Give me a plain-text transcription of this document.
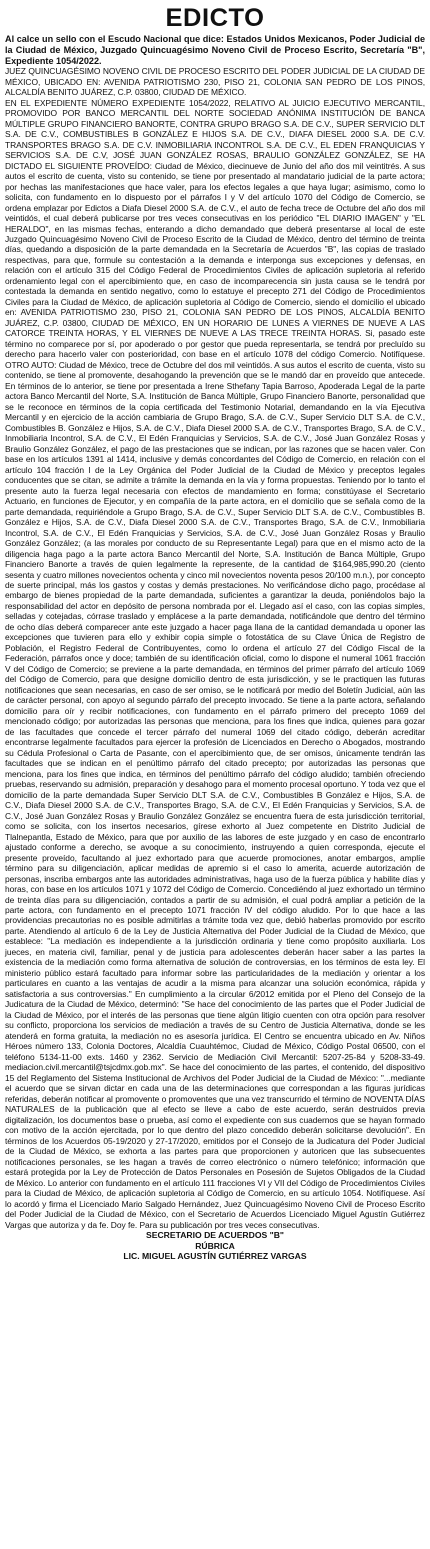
EDICTO
Al calce un sello con el Escudo Nacional que dice: Estados Unidos Mexicanos, Poder Judicial de la Ciudad de México, Juzgado Quincuagésimo Noveno Civil de Proceso Escrito, Secretaría "B", Expediente 1054/2022.

JUEZ QUINCUAGÉSIMO NOVENO CIVIL DE PROCESO ESCRITO DEL PODER JUDICIAL DE LA CIUDAD DE MÉXICO, UBICADO EN: AVENIDA PATRIOTISMO 230, PISO 21, COLONIA SAN PEDRO DE LOS PINOS, ALCALDÍA BENITO JUÁREZ, C.P. 03800, CIUDAD DE MÉXICO.

EN EL EXPEDIENTE NÚMERO EXPEDIENTE 1054/2022, RELATIVO AL JUICIO EJECUTIVO MERCANTIL, PROMOVIDO POR BANCO MERCANTIL DEL NORTE SOCIEDAD ANÓNIMA INSTITUCIÓN DE BANCA MÚLTIPLE GRUPO FINANCIERO BANORTE, CONTRA GRUPO BRAGO S.A. DE C.V., SUPER SERVICIO DLT S.A. DE C.V., COMBUSTIBLES B GONZÁLEZ E HIJOS S.A. DE C.V., DIAFA DIESEL 2000 S.A. DE C.V. TRANSPORTES BRAGO S.A. DE C.V. INMOBILIARIA INCONTROL S.A. DE C.V., EL EDEN FRANQUICIAS Y SERVICIOS S.A. DE C.V, JOSÉ JUAN GONZÁLEZ ROSAS, BRAULIO GONZÁLEZ GONZÁLEZ, SE HA DICTADO EL SIGUIENTE PROVEÍDO: Ciudad de México, diecinueve de Junio del año dos mil veintitrés. A sus autos el escrito de cuenta, visto su contenido, se tiene por presentado al mandatario judicial de la parte actora; por hechas las manifestaciones que hace valer, para los efectos legales a que haya lugar; asimismo, como lo solicita, con fundamento en lo dispuesto por el párrafos I y V del artículo 1070 del Código de Comercio, se ordena emplazar por Edictos a Diafa Diesel 2000 S.A. de C.V., el auto de fecha trece de Octubre del año dos mil veintidós, el cual deberá publicarse por tres veces consecutivas en los periódico "EL DIARIO IMAGEN" y "EL HERALDO", en las mismas fechas, enterando a dicho demandado que deberá presentarse al local de este Juzgado Quincuagésimo Noveno Civil de Proceso Escrito de la Ciudad de México, dentro del término de treinta días, quedando a disposición de la parte demandada en la Secretaría de Acuerdos "B", las copias de traslado respectivas, para que, formule su contestación a la demanda e interponga sus excepciones y defensas, en relación con el artículo 315 del Código Federal de Procedimientos Civiles de aplicación supletoria al referido ordenamiento legal con el apercibimiento que, en caso de incomparecencia sin justa causa se le tendrá por contestada la demanda en sentido negativo, como lo estatuye el precepto 271 del Código de Procedimientos Civiles para la Ciudad de México, de aplicación supletoria al Código de Comercio, siendo el domicilio el ubicado en: AVENIDA PATRIOTISMO 230, PISO 21, COLONIA SAN PEDRO DE LOS PINOS, ALCALDÍA BENITO JUÁREZ, C.P. 03800, CIUDAD DE MÉXICO, EN UN HORARIO DE LUNES A VIERNES DE NUEVE A LAS CATORCE TREINTA HORAS, Y EL VIERNES DE NUEVE A LAS TRECE TREINTA HORAS. Si, pasado este término no comparece por sí, por apoderado o por gestor que pueda representarla, se tendrá por precluído su derecho para hacerlo valer con posterioridad, con base en el artículo 1078 del código Comercio. Notifíquese. OTRO AUTO: Ciudad de México, trece de Octubre del dos mil veintidós. A sus autos el escrito de cuenta, visto su contenido, se tiene al promovente, desahogando la prevención que se le mandó dar en proveído que antecede. En términos de lo anterior, se tiene por presentada a Irene Sthefany Tapia Barroso, Apoderada Legal de la parte actora Banco Mercantil del Norte, S.A. Institución de Banca Múltiple, Grupo Financiero Banorte, personalidad que se le reconoce en términos de la copia certificada del Testimonio Notarial, demandando en la vía Ejecutiva Mercantil y en ejercicio de la acción cambiaria de Grupo Brago, S.A. de C.V., Super Servicio DLT S.A. de C.V., Combustibles B. González e Hijos, S.A. de C.V., Diafa Diesel 2000 S.A. de C.V., Transportes Brago, S.A. de C.V., Inmobiliaria Incontrol, S.A. de C.V., El Edén Franquicias y Servicios, S.A. de C.V., José Juan González Rosas y Braulio González González, el pago de las prestaciones que se indican, por las razones que se hacen valer. Con base en los artículos 1391 al 1414, inclusive y demás concordantes del Código de Comercio, en relación con el artículo 104 fracción I de la Ley Orgánica del Poder Judicial de la Ciudad de México y preceptos legales conducentes que se citan, se admite a trámite la demanda en la vía y forma propuestas. Teniendo por lo tanto el presente auto la fuerza legal necesaria con efectos de mandamiento en forma; constitúyase el Secretario Actuario, en funciones de Ejecutor, y en compañía de la parte actora, en el domicilio que se señala como de la parte demandada, requiriéndole a Grupo Brago, S.A. de C.V., Super Servicio DLT S.A. de C.V., Combustibles B. González e Hijos, S.A. de C.V., Diafa Diesel 2000 S.A. de C.V., Transportes Brago, S.A. de C.V., Inmobiliaria Incontrol, S.A. de C.V., El Edén Franquicias y Servicios, S.A. de C.V., José Juan González Rosas y Braulio González González; (a las morales por conducto de su Representante Legal) para que en el mismo acto de la diligencia haga pago a la parte actora Banco Mercantil del Norte, S.A. Institución de Banca Múltiple, Grupo Financiero Banorte a través de quien legalmente la represente, de la cantidad de $164,985,990.20 (ciento sesenta y cuatro millones novecientos ochenta y cinco mil novecientos noventa pesos 20/100 m.n.), por concepto de suerte principal, más los gastos y costas y demás prestaciones. No verificándose dicho pago, procédase al embargo de bienes propiedad de la parte demandada, suficientes a garantizar la deuda, poniéndolos bajo la responsabilidad del actor en depósito de persona nombrada por el. Llegado así el caso, con las copias simples, selladas y cotejadas, córrase traslado y emplácese a la parte demandada, notificándole que dentro del término de ocho días deberá comparecer ante este juzgado a hacer paga llana de la cantidad demandada u oponer las excepciones que tuvieren para ello y exhibir copia simple o fotostática de su Clave Única de Registro de Población, el Registro Federal de Contribuyentes, como lo ordena el artículo 27 del Código Fiscal de la Federación, párrafos once y doce; también de su identificación oficial, como lo dispone el numeral 1061 fracción V del Código de Comercio; se previene a la parte demandada, en términos del primer párrafo del artículo 1069 del Código de Comercio, para que designe domicilio dentro de esta jurisdicción, y se le practiquen las futuras notificaciones que sean necesarias, en caso de ser omiso, se le notificará por medio del Boletín Judicial, aún las de carácter personal, con apoyo al segundo párrafo del precepto invocado. Se tiene a la parte actora, señalando domicilio para oír y recibir notificaciones, con fundamento en el párrafo primero del precepto 1069 del mencionado código; por autorizadas las personas que menciona, para los fines que indica, quienes para gozar de las facultades que concede el tercer párrafo del numeral 1069 del citado código, deberán acreditar encontrarse legalmente facultados para ejercer la profesión de Licenciados en Derecho o Abogados, mostrando su Cédula Profesional o Carta de Pasante, con el apercibimiento que, de ser omisos, únicamente tendrán las facultades que se indican en el penúltimo párrafo del citado precepto; por autorizadas las personas que menciona, para los fines que indica, en términos del penúltimo párrafo del código aludido; también ofreciendo pruebas, reservando su admisión, preparación y desahogo para el momento procesal oportuno. Y toda vez que el domicilio de la parte demandada Super Servicio DLT S.A. de C.V., Combustibles B González e Hijos, S.A. de C.V., Diafa Diesel 2000 S.A. de C.V., Transportes Brago, S.A. de C.V., El Edén Franquicias y Servicios, S.A. de C.V., José Juan González Rosas y Braulio González González se encuentra fuera de esta jurisdicción territorial, como se solicita, con los insertos necesarios, gírese exhorto al Juez competente en Distrito Judicial de Tlalnepantla, Estado de México, para que por auxilio de las labores de este juzgado y en caso de encontrarlo ajustado conforme a derecho, se avoque a su conocimiento, instruyendo a quien corresponda, ejecute el presente proveído, facultando al juez exhortado para que acuerde promociones, anotar embargos, amplíe término para su diligenciación, aplicar medidas de apremio si el caso lo amerita, acuerde autorización de personas, inscriba embargos ante las autoridades administrativas, haga uso de la fuerza pública y habilite días y horas, con base en los artículos 1071 y 1072 del Código de Comercio. Concediéndo al juez exhortado un término de treinta días para su diligenciación, contados a partir de su admisión, el cual podrá ampliar a petición de la parte actora, con fundamento en el precepto 1071 fracción IV del código aludido. Por lo que hace a las providencias precautorias no es posible admitirlas a trámite toda vez que, debió haberlas promovido por escrito parte. Atendiendo al artículo 6 de la Ley de Justicia Alternativa del Poder Judicial de la Ciudad de México, que establece: "La mediación es independiente a la jurisdicción ordinaria y tiene como propósito auxiliarla. Los jueces, en materia civil, familiar, penal y de justicia para adolescentes deberán hacer saber a las partes la existencia de la mediación como forma alternativa de solución de controversias, en los términos de esta ley. El ministerio público estará facultado para informar sobre las particularidades de la mediación y orientar a los particulares en cuanto a las ventajas de acudir a la misma para alcanzar una solución económica, rápida y satisfactoria a sus controversias." En cumplimiento a la circular 6/2012 emitida por el Pleno del Consejo de la Judicatura de la Ciudad de México, determinó: "Se hace del conocimiento de las partes que el Poder Judicial de la Ciudad de México, por el interés de las personas que tiene algún litigio cuenten con otra opción para resolver su conflicto, proporciona los servicios de mediación a través de su Centro de Justicia Alternativa, donde se les atenderá en forma gratuita, la mediación no es asesoría jurídica. El Centro se encuentra ubicado en Av. Niños Héroes número 133, Colonia Doctores, Alcaldía Cuauhtémoc, Ciudad de México, Código Postal 06500, con el teléfono 5134-11-00 exts. 1460 y 2362. Servicio de Mediación Civil Mercantil: 5207-25-84 y 5208-33-49. mediacion.civil.mercantil@tsjcdmx.gob.mx". Se hace del conocimiento de las partes, el contenido, del dispositivo 15 del Reglamento del Sistema Institucional de Archivos del Poder Judicial de la Ciudad de México: "...mediante el acuerdo que se sirvan dictar en cada una de las determinaciones que correspondan a las figuras jurídicas referidas, deberán notificar al promovente o promoventes que una vez transcurrido el término de NOVENTA DÍAS NATURALES de la publicación que al efecto se lleve a cabo de este acuerdo, serán destruidos previa digitalización, los documentos base o prueba, así como el expediente con sus cuadernos que se hayan formado con motivo de la acción ejercitada, por lo que dentro del plazo concedido deberán solicitarse devolución". En términos de los Acuerdos 05-19/2020 y 27-17/2020, emitidos por el Consejo de la Judicatura del Poder Judicial de la Ciudad de México, se exhorta a las partes para que proporcionen y autoricen que las subsecuentes notificaciones personales, se les hagan a través de correo electrónico o número telefónico; información que estará protegida por la Ley de Protección de Datos Personales en Posesión de Sujetos Obligados de la Ciudad de México. Lo anterior con fundamento en el artículo 111 fracciones VI y VII del Código de Procedimientos Civiles para la Ciudad de México, de aplicación supletoria al Código de Comercio, en su artículo 1054. Notifíquese. Así lo acordó y firma el Licenciado Mario Salgado Hernández, Juez Quincuagésimo Noveno Civil de Proceso Escrito del Poder Judicial de la Ciudad de México, con el Secretario de Acuerdos Licenciado Miguel Agustín Gutiérrez Vargas que autoriza y da fe. Doy fe. Para su publicación por tres veces consecutivas.

SECRETARIO DE ACUERDOS "B"
RÚBRICA
LIC. MIGUEL AGUSTÍN GUTIÉRREZ VARGAS
